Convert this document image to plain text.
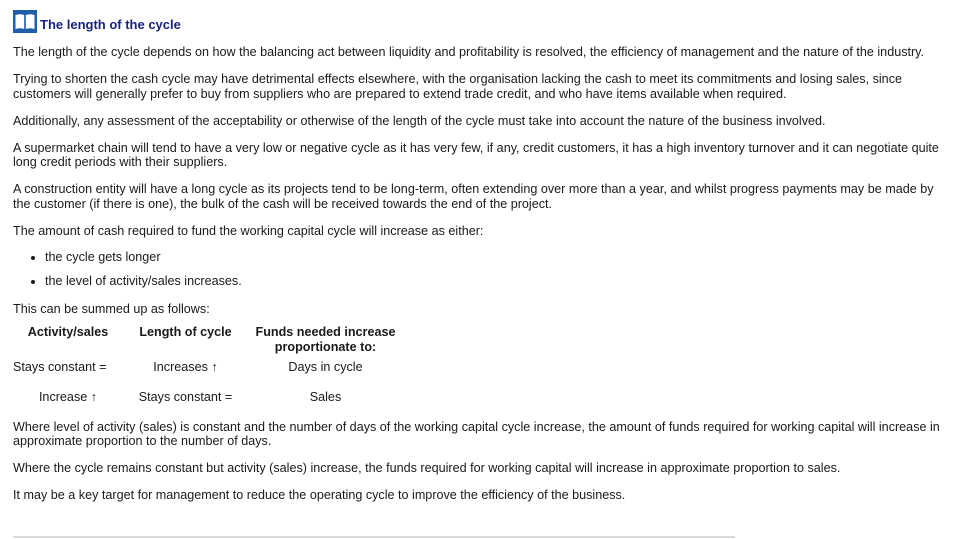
The length of the cycle

The length of the cycle depends on how the balancing act between liquidity and profitability is resolved, the efficiency of management and the nature of the industry.

Trying to shorten the cash cycle may have detrimental effects elsewhere, with the organisation lacking the cash to meet its commitments and losing sales, since customers will generally prefer to buy from suppliers who are prepared to extend trade credit, and who have items available when required.

Additionally, any assessment of the acceptability or otherwise of the length of the cycle must take into account the nature of the business involved.

A supermarket chain will tend to have a very low or negative cycle as it has very few, if any, credit customers, it has a high inventory turnover and it can negotiate quite long credit periods with their suppliers.

A construction entity will have a long cycle as its projects tend to be long-term, often extending over more than a year, and whilst progress payments may be made by the customer (if there is one), the bulk of the cash will be received towards the end of the project.

The amount of cash required to fund the working capital cycle will increase as either:

• the cycle gets longer
• the level of activity/sales increases.

This can be summed up as follows:

Activity/sales	Length of cycle	Funds needed increase proportionate to:
Stays constant =	Increases ↑	Days in cycle
Increase ↑	Stays constant =	Sales

Where level of activity (sales) is constant and the number of days of the working capital cycle increase, the amount of funds required for working capital will increase in approximate proportion to the number of days.

Where the cycle remains constant but activity (sales) increase, the funds required for working capital will increase in approximate proportion to sales.

It may be a key target for management to reduce the operating cycle to improve the efficiency of the business.
